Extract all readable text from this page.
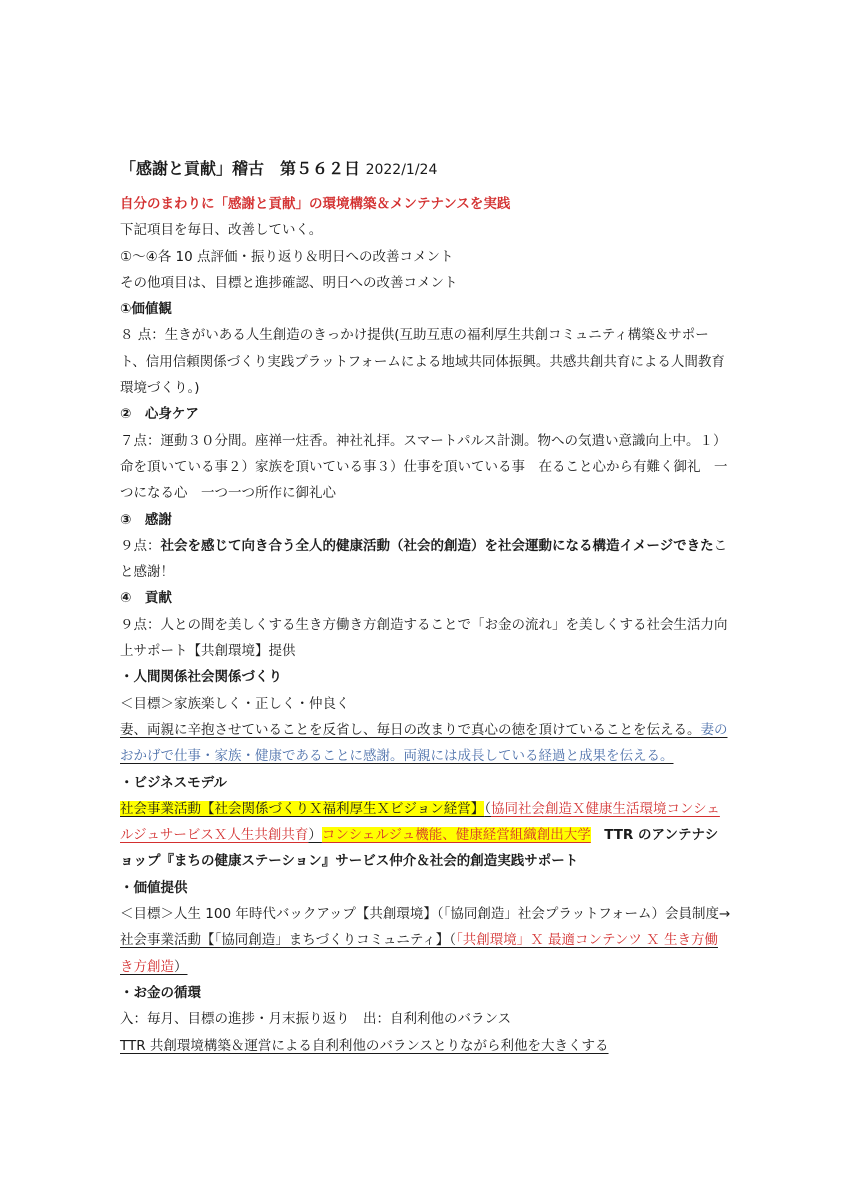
「感謝と貢献」稽古　第５６２日 2022/1/24
自分のまわりに「感謝と貢献」の環境構築＆メンテナンスを実践
下記項目を毎日、改善していく。
①～④各 10 点評価・振り返り＆明日への改善コメント
その他項目は、目標と進捗確認、明日への改善コメント
①価値観
８ 点：生きがいある人生創造のきっかけ提供(互助互恵の福利厚生共創コミュニティ構築＆サポート、信用信頼関係づくり実践プラットフォームによる地域共同体振興。共感共創共育による人間教育環境づくり。)
②　心身ケア
７点：運動３０分間。座禅一炷香。神社礼拝。スマートパルス計測。物への気遣い意識向上中。１）命を頂いている事２）家族を頂いている事３）仕事を頂いている事　在ること心から有難く御礼　一つになる心　一つ一つ所作に御礼心
③　感謝
９点：社会を感じて向き合う全人的健康活動（社会的創造）を社会運動になる構造イメージできたこと感謝！
④　貢献
９点：人との間を美しくする生き方働き方創造することで「お金の流れ」を美しくする社会生活力向上サポート【共創環境】提供
・人間関係社会関係づくり
＜目標＞家族楽しく・正しく・仲良く
妻、両親に辛抱させていることを反省し、毎日の改まりで真心の徳を頂けていることを伝える。妻のおかげで仕事・家族・健康であることに感謝。両親には成長している経過と成果を伝える。
・ビジネスモデル
社会事業活動【社会関係づくりＸ福利厚生Ｘビジョン経営】（協同社会創造Ｘ健康生活環境コンシェルジュサービスＸ人生共創共育）コンシェルジュ機能、健康経営組織創出大学　 TTR のアンテナショップ『まちの健康ステーション』サービス仲介＆社会的創造実践サポート
・価値提供
＜目標＞人生 100 年時代バックアップ【共創環境】（「協同創造」社会プラットフォーム）会員制度→
社会事業活動【「協同創造」まちづくりコミュニティ】（「共創環境」Ｘ 最適コンテンツ Ｘ 生き方働き方創造）
・お金の循環
入：毎月、目標の進捗・月末振り返り　出：自利利他のバランス
TTR 共創環境構築＆運営による自利利他のバランスとりながら利他を大きくする
